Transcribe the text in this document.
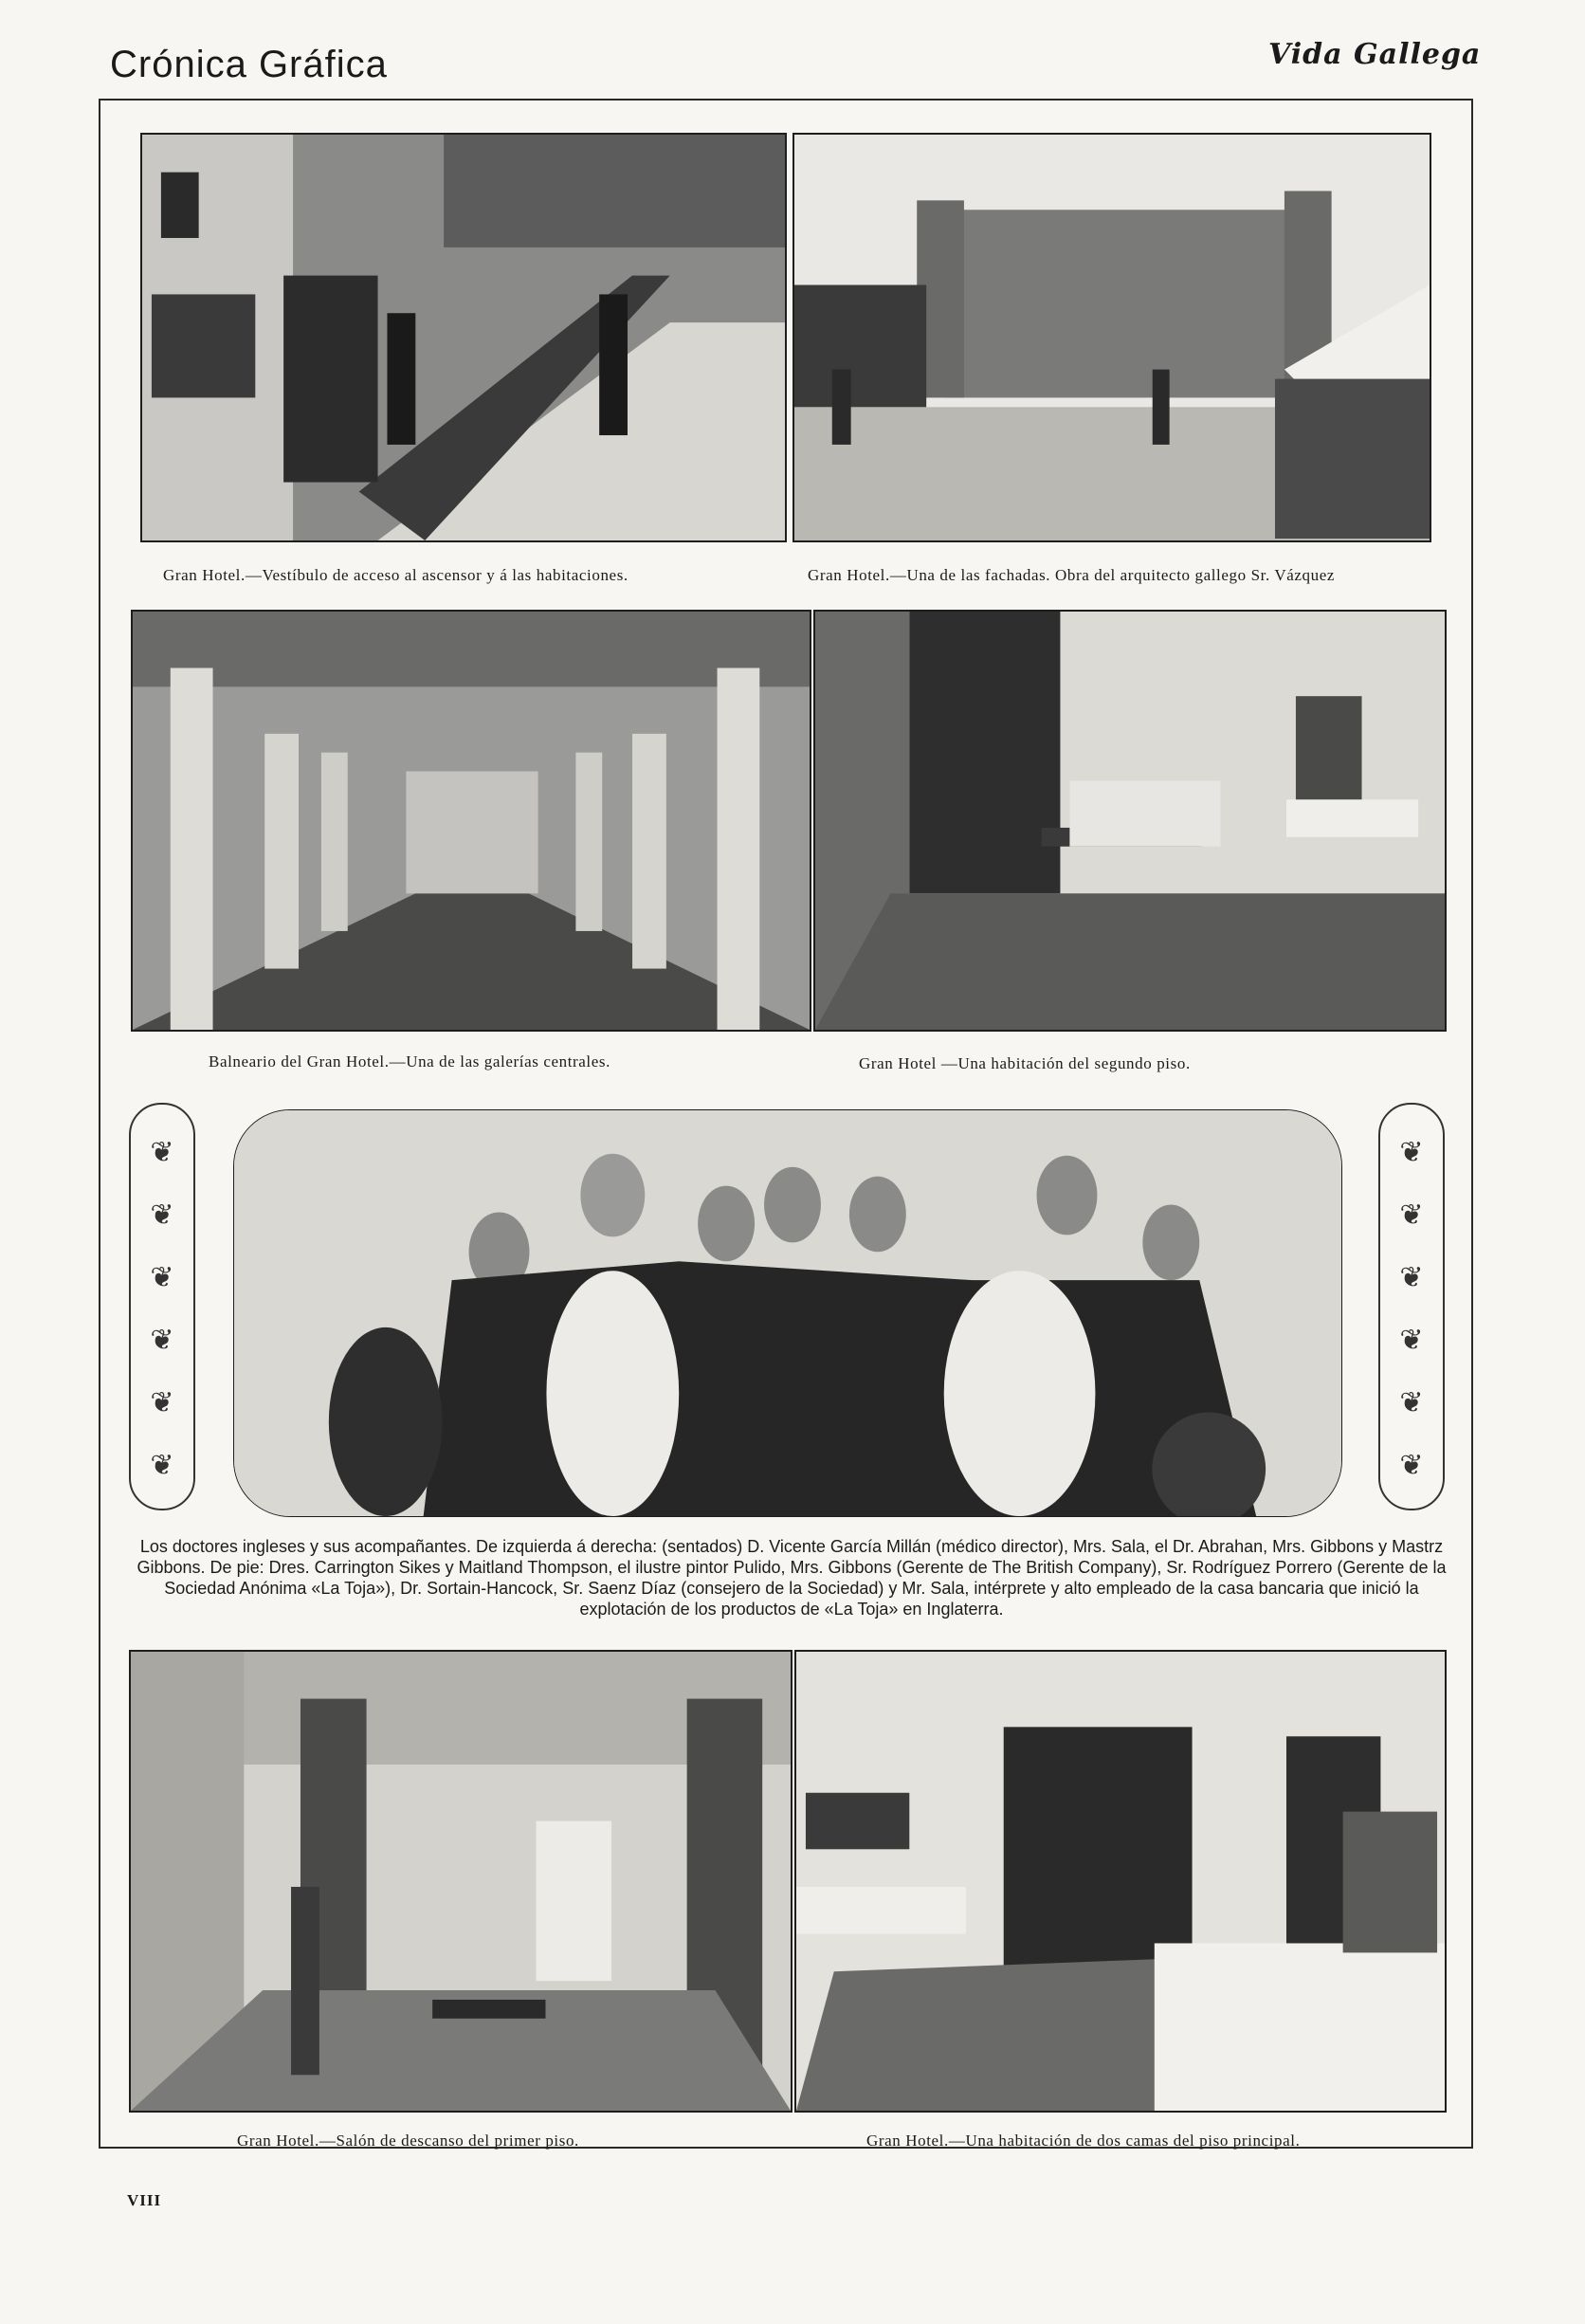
Crónica Gráfica	Vida Gallega
Gran Hotel.—Vestíbulo de acceso al ascensor y á las habitaciones.	Gran Hotel.—Una de las fachadas. Obra del arquitecto gallego Sr. Vázquez
Balneario del Gran Hotel.—Una de las galerías centrales.	Gran Hotel —Una habitación del segundo piso.
❦
❦
❦
❦
❦
❦
❦
❦
❦
❦
❦
❦
Los doctores ingleses y sus acompañantes. De izquierda á derecha: (sentados) D. Vicente García Millán (médico director), Mrs. Sala, el Dr. Abrahan, Mrs. Gibbons y Mastrz Gibbons. De pie: Dres. Carrington Sikes y Maitland Thompson, el ilustre pintor Pulido, Mrs. Gibbons (Gerente de The British Company), Sr. Rodríguez Porrero (Gerente de la Sociedad Anónima «La Toja»), Dr. Sortain-Hancock, Sr. Saenz Díaz (consejero de la Sociedad) y Mr. Sala, intérprete y alto empleado de la casa bancaria que inició la explotación de los productos de «La Toja» en Inglaterra.
Gran Hotel.—Salón de descanso del primer piso.	Gran Hotel.—Una habitación de dos camas del piso principal.
VIII
